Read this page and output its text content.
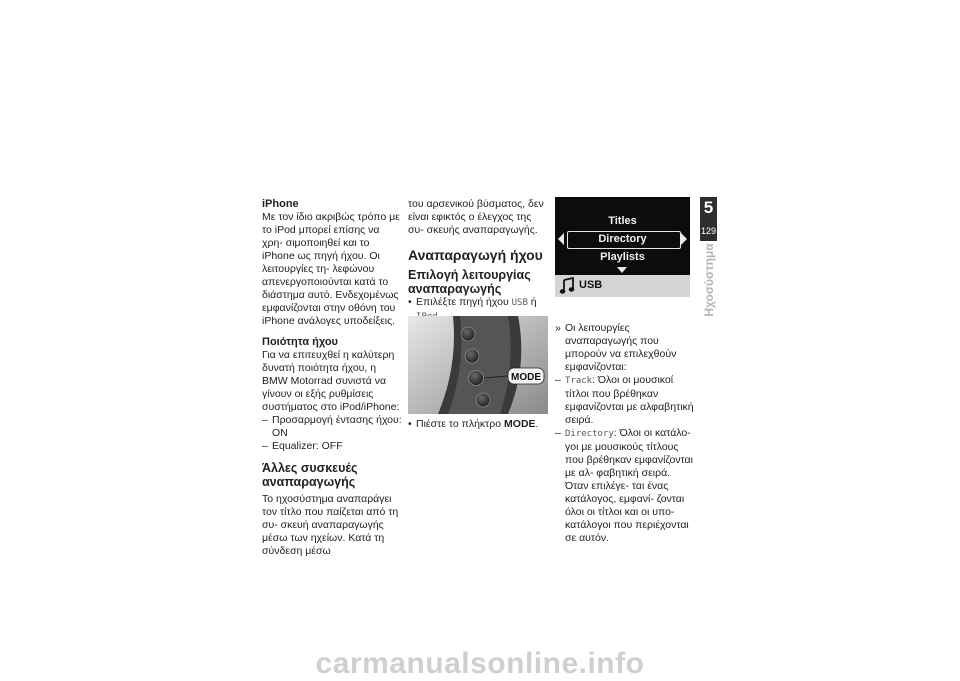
iPhone

Με τον ίδιο ακριβώς τρόπο με το iPod μπορεί επίσης να χρη- σιμοποιηθεί και το iPhone ως πηγή ήχου. Οι λειτουργίες τη- λεφώνου απενεργοποιούνται κατά το διάστημα αυτό. Ενδεχομένως εμφανίζονται στην οθόνη του iPhone ανάλογες υποδείξεις.

Ποιότητα ήχου

Για να επιτευχθεί η καλύτερη δυνατή ποιότητα ήχου, η BMW Motorrad συνιστά να γίνουν οι εξής ρυθμίσεις συστήματος στο iPod/iPhone:

– Προσαρμογή έντασης ήχου: ON
– Equalizer: OFF
Άλλες συσκευές αναπαραγωγής

Το ηχοσύστημα αναπαράγει τον τίτλο που παίζεται από τη συ- σκευή αναπαραγωγής μέσω των ηχείων. Κατά τη σύνδεση μέσω

του αρσενικού βύσματος, δεν είναι εφικτός ο έλεγχος της συ- σκευής αναπαραγωγής.

Αναπαραγωγή ήχου
Επιλογή λειτουργίας αναπαραγωγής
• Επιλέξτε πηγή ήχου USB ή

MODE
• Πιέστε το πλήκτρο MODE.
Titles
Directory
Playlists
USB
» Οι λειτουργίες αναπαραγωγής που μπορούν να επιλεχθούν εμφανίζονται:
– Track: Όλοι οι μουσικοί τίτλοι που βρέθηκαν εμφανίζονται με αλφαβητική σειρά.
– Directory: Όλοι οι κατάλο- γοι με μουσικούς τίτλους που βρέθηκαν εμφανίζονται με αλ- φαβητική σειρά. Όταν επιλέγε- ται ένας κατάλογος, εμφανί- ζονται όλοι οι τίτλοι και οι υπο- κατάλογοι που περιέχονται σε αυτόν.
5
129
Ηχοσύστημα
carmanualsonline.info
